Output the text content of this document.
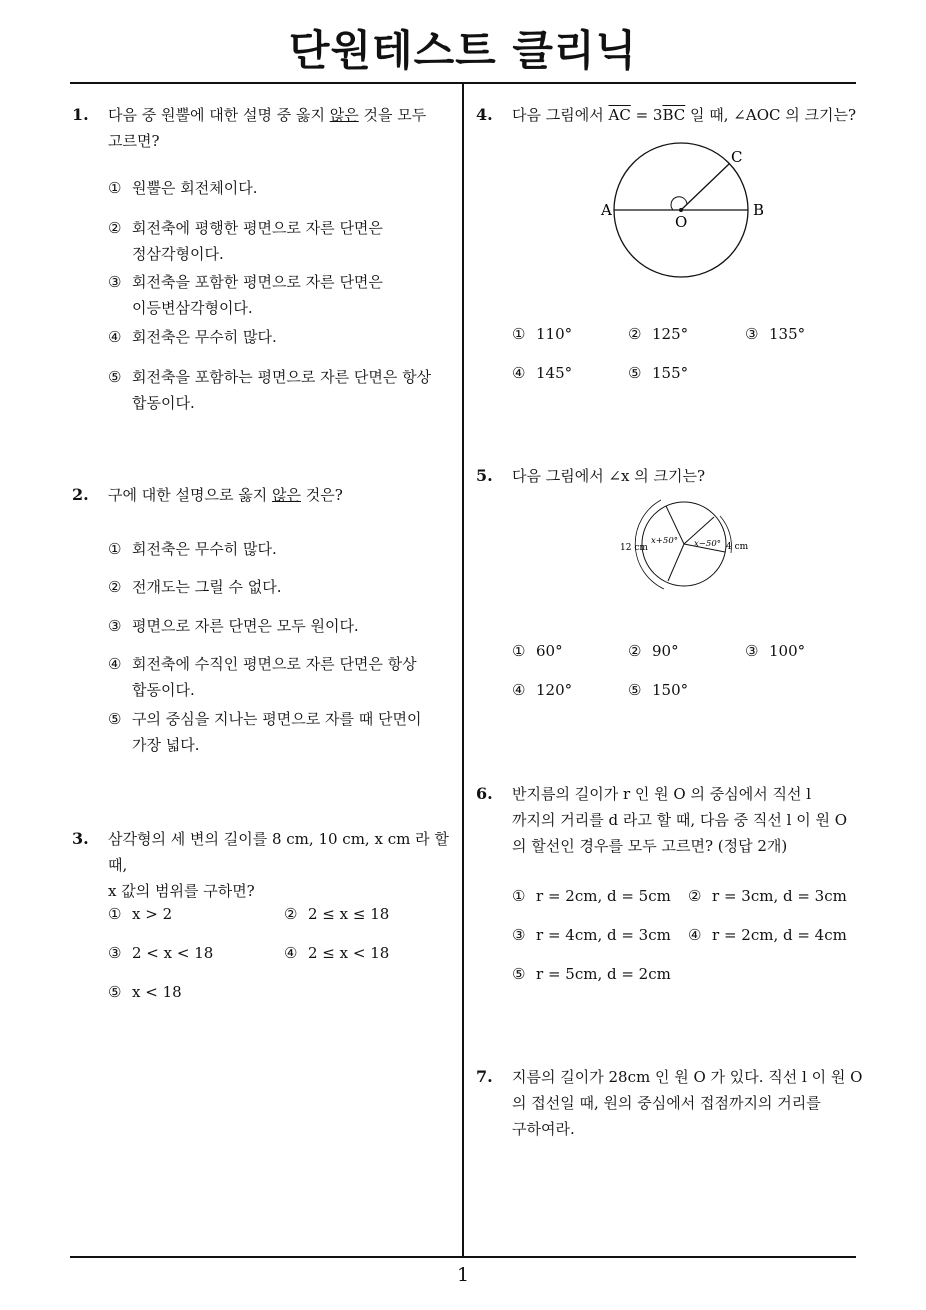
단원테스트 클리닉
1
1. 다음 중 원뿔에 대한 설명 중 옳지 않은 것을 모두
고르면?
① 원뿔은 회전체이다.
② 회전축에 평행한 평면으로 자른 단면은
정삼각형이다.
③ 회전축을 포함한 평면으로 자른 단면은
이등변삼각형이다.
④ 회전축은 무수히 많다.
⑤ 회전축을 포함하는 평면으로 자른 단면은 항상
합동이다.
2. 구에 대한 설명으로 옳지 않은 것은?
① 회전축은 무수히 많다.
② 전개도는 그릴 수 없다.
③ 평면으로 자른 단면은 모두 원이다.
④ 회전축에 수직인 평면으로 자른 단면은 항상
합동이다.
⑤ 구의 중심을 지나는 평면으로 자를 때 단면이
가장 넓다.
3. 삼각형의 세 변의 길이를 8 cm, 10 cm, x cm 라 할 때,
x 값의 범위를 구하면?
① x > 2	② 2 ≤ x ≤ 18
③ 2 < x < 18	④ 2 ≤ x < 18
⑤ x < 18
4. 다음 그림에서 $\overline{AC} = 3\overline{BC}$ 일 때, ∠AOC 의 크기는?
A	B
C
O
① 110°	② 125°	③ 135°
④ 145°	⑤ 155°
5. 다음 그림에서 ∠x 의 크기는?
12 cm	4 cm
x+50° x−50°
① 60°	② 90°	③ 100°
④ 120°	⑤ 150°
6. 반지름의 길이가 r 인 원 O 의 중심에서 직선 l
까지의 거리를 d 라고 할 때, 다음 중 직선 l 이 원 O
의 할선인 경우를 모두 고르면? (정답 2개)
① r = 2cm, d = 5cm ② r = 3cm, d = 3cm
③ r = 4cm, d = 3cm ④ r = 2cm, d = 4cm
⑤ r = 5cm, d = 2cm
7. 지름의 길이가 28cm 인 원 O 가 있다. 직선 l 이 원 O
의 접선일 때, 원의 중심에서 접점까지의 거리를
구하여라.
